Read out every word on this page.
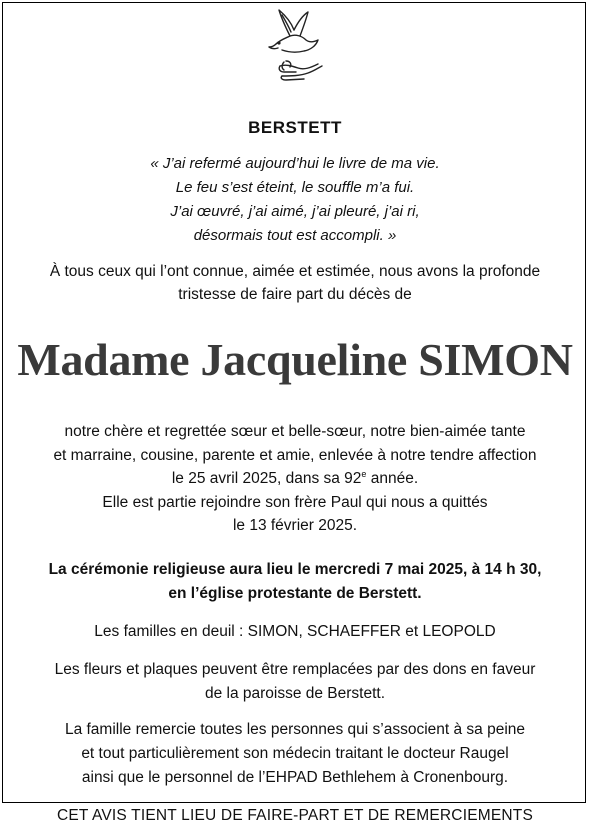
BERSTETT
« J’ai refermé aujourd’hui le livre de ma vie.
Le feu s’est éteint, le souffle m’a fui.
J’ai œuvré, j’ai aimé, j’ai pleuré, j’ai ri,
désormais tout est accompli. »
À tous ceux qui l’ont connue, aimée et estimée, nous avons la profonde
tristesse de faire part du décès de
Madame Jacqueline SIMON
notre chère et regrettée sœur et belle-sœur, notre bien-aimée tante
et marraine, cousine, parente et amie, enlevée à notre tendre affection
le 25 avril 2025, dans sa 92e année.
Elle est partie rejoindre son frère Paul qui nous a quittés
le 13 février 2025.
La cérémonie religieuse aura lieu le mercredi 7 mai 2025, à 14 h 30,
en l’église protestante de Berstett.
Les familles en deuil : SIMON, SCHAEFFER et LEOPOLD
Les fleurs et plaques peuvent être remplacées par des dons en faveur
de la paroisse de Berstett.
La famille remercie toutes les personnes qui s’associent à sa peine
et tout particulièrement son médecin traitant le docteur Raugel
ainsi que le personnel de l’EHPAD Bethlehem à Cronenbourg.
CET AVIS TIENT LIEU DE FAIRE-PART ET DE REMERCIEMENTS
